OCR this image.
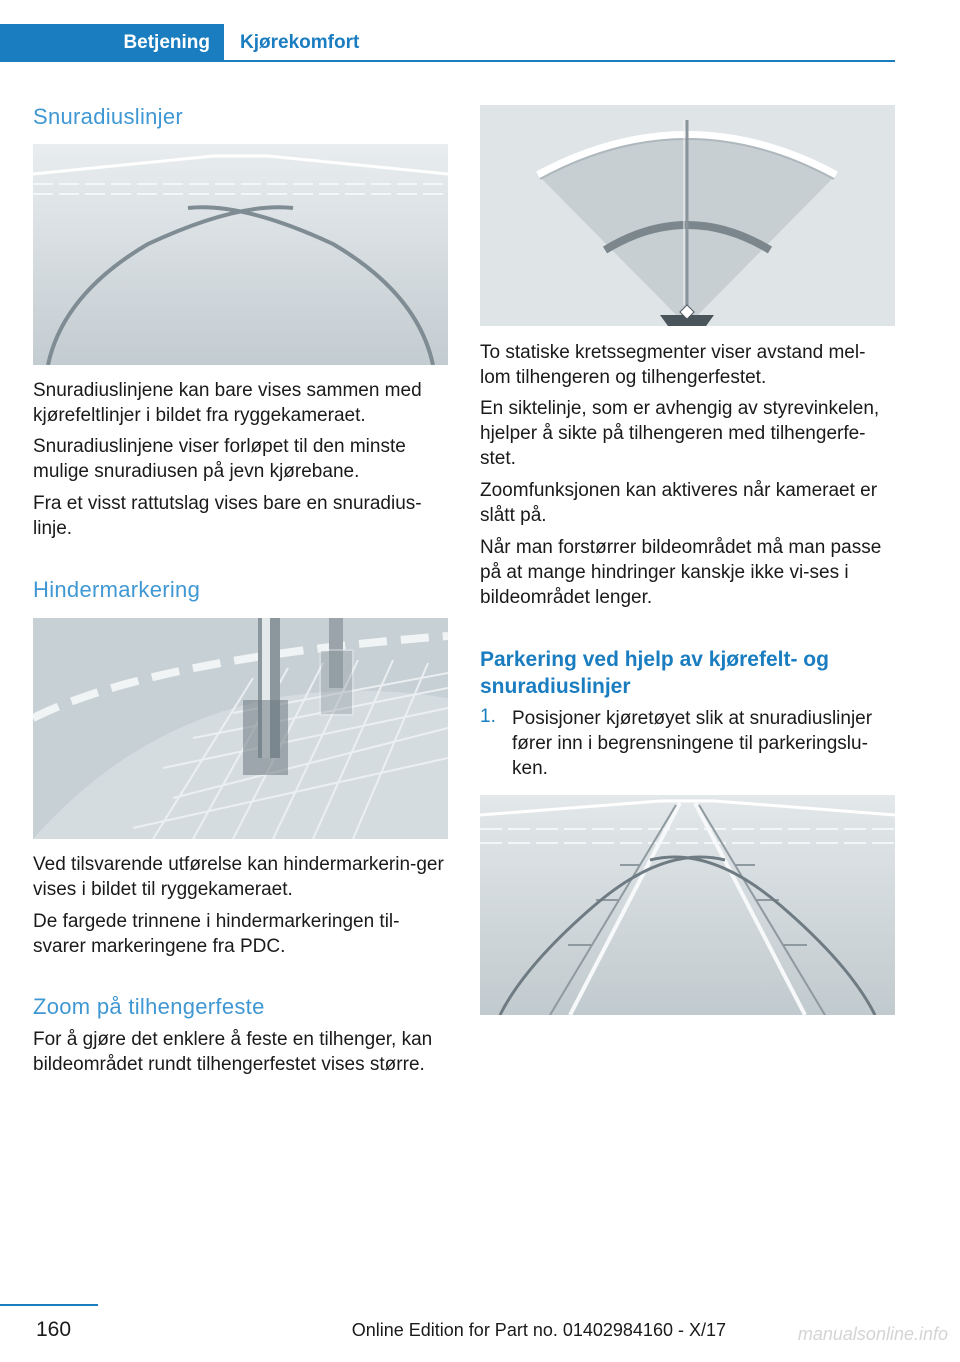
Betjening	Kjørekomfort
Snuradiuslinjer

Snuradiuslinjene kan bare vises sammen med kjørefeltlinjer i bildet fra ryggekameraet.

Snuradiuslinjene viser forløpet til den minste mulige snuradiusen på jevn kjørebane.

Fra et visst rattutslag vises bare en snuradius-linje.

Hindermarkering

Ved tilsvarende utførelse kan hindermarkerin-ger vises i bildet til ryggekameraet.

De fargede trinnene i hindermarkeringen til-svarer markeringene fra PDC.

Zoom på tilhengerfeste

For å gjøre det enklere å feste en tilhenger, kan bildeområdet rundt tilhengerfestet vises større.

To statiske kretssegmenter viser avstand mel-lom tilhengeren og tilhengerfestet.

En siktelinje, som er avhengig av styrevinkelen, hjelper å sikte på tilhengeren med tilhengerfe-stet.

Zoomfunksjonen kan aktiveres når kameraet er slått på.

Når man forstørrer bildeområdet må man passe på at mange hindringer kanskje ikke vi-ses i bildeområdet lenger.

Parkering ved hjelp av kjørefelt- og snuradiuslinjer
1. Posisjoner kjøretøyet slik at snuradiuslinjer fører inn i begrensningene til parkeringslu-ken.

160	Online Edition for Part no. 01402984160 - X/17	manualsonline.info
